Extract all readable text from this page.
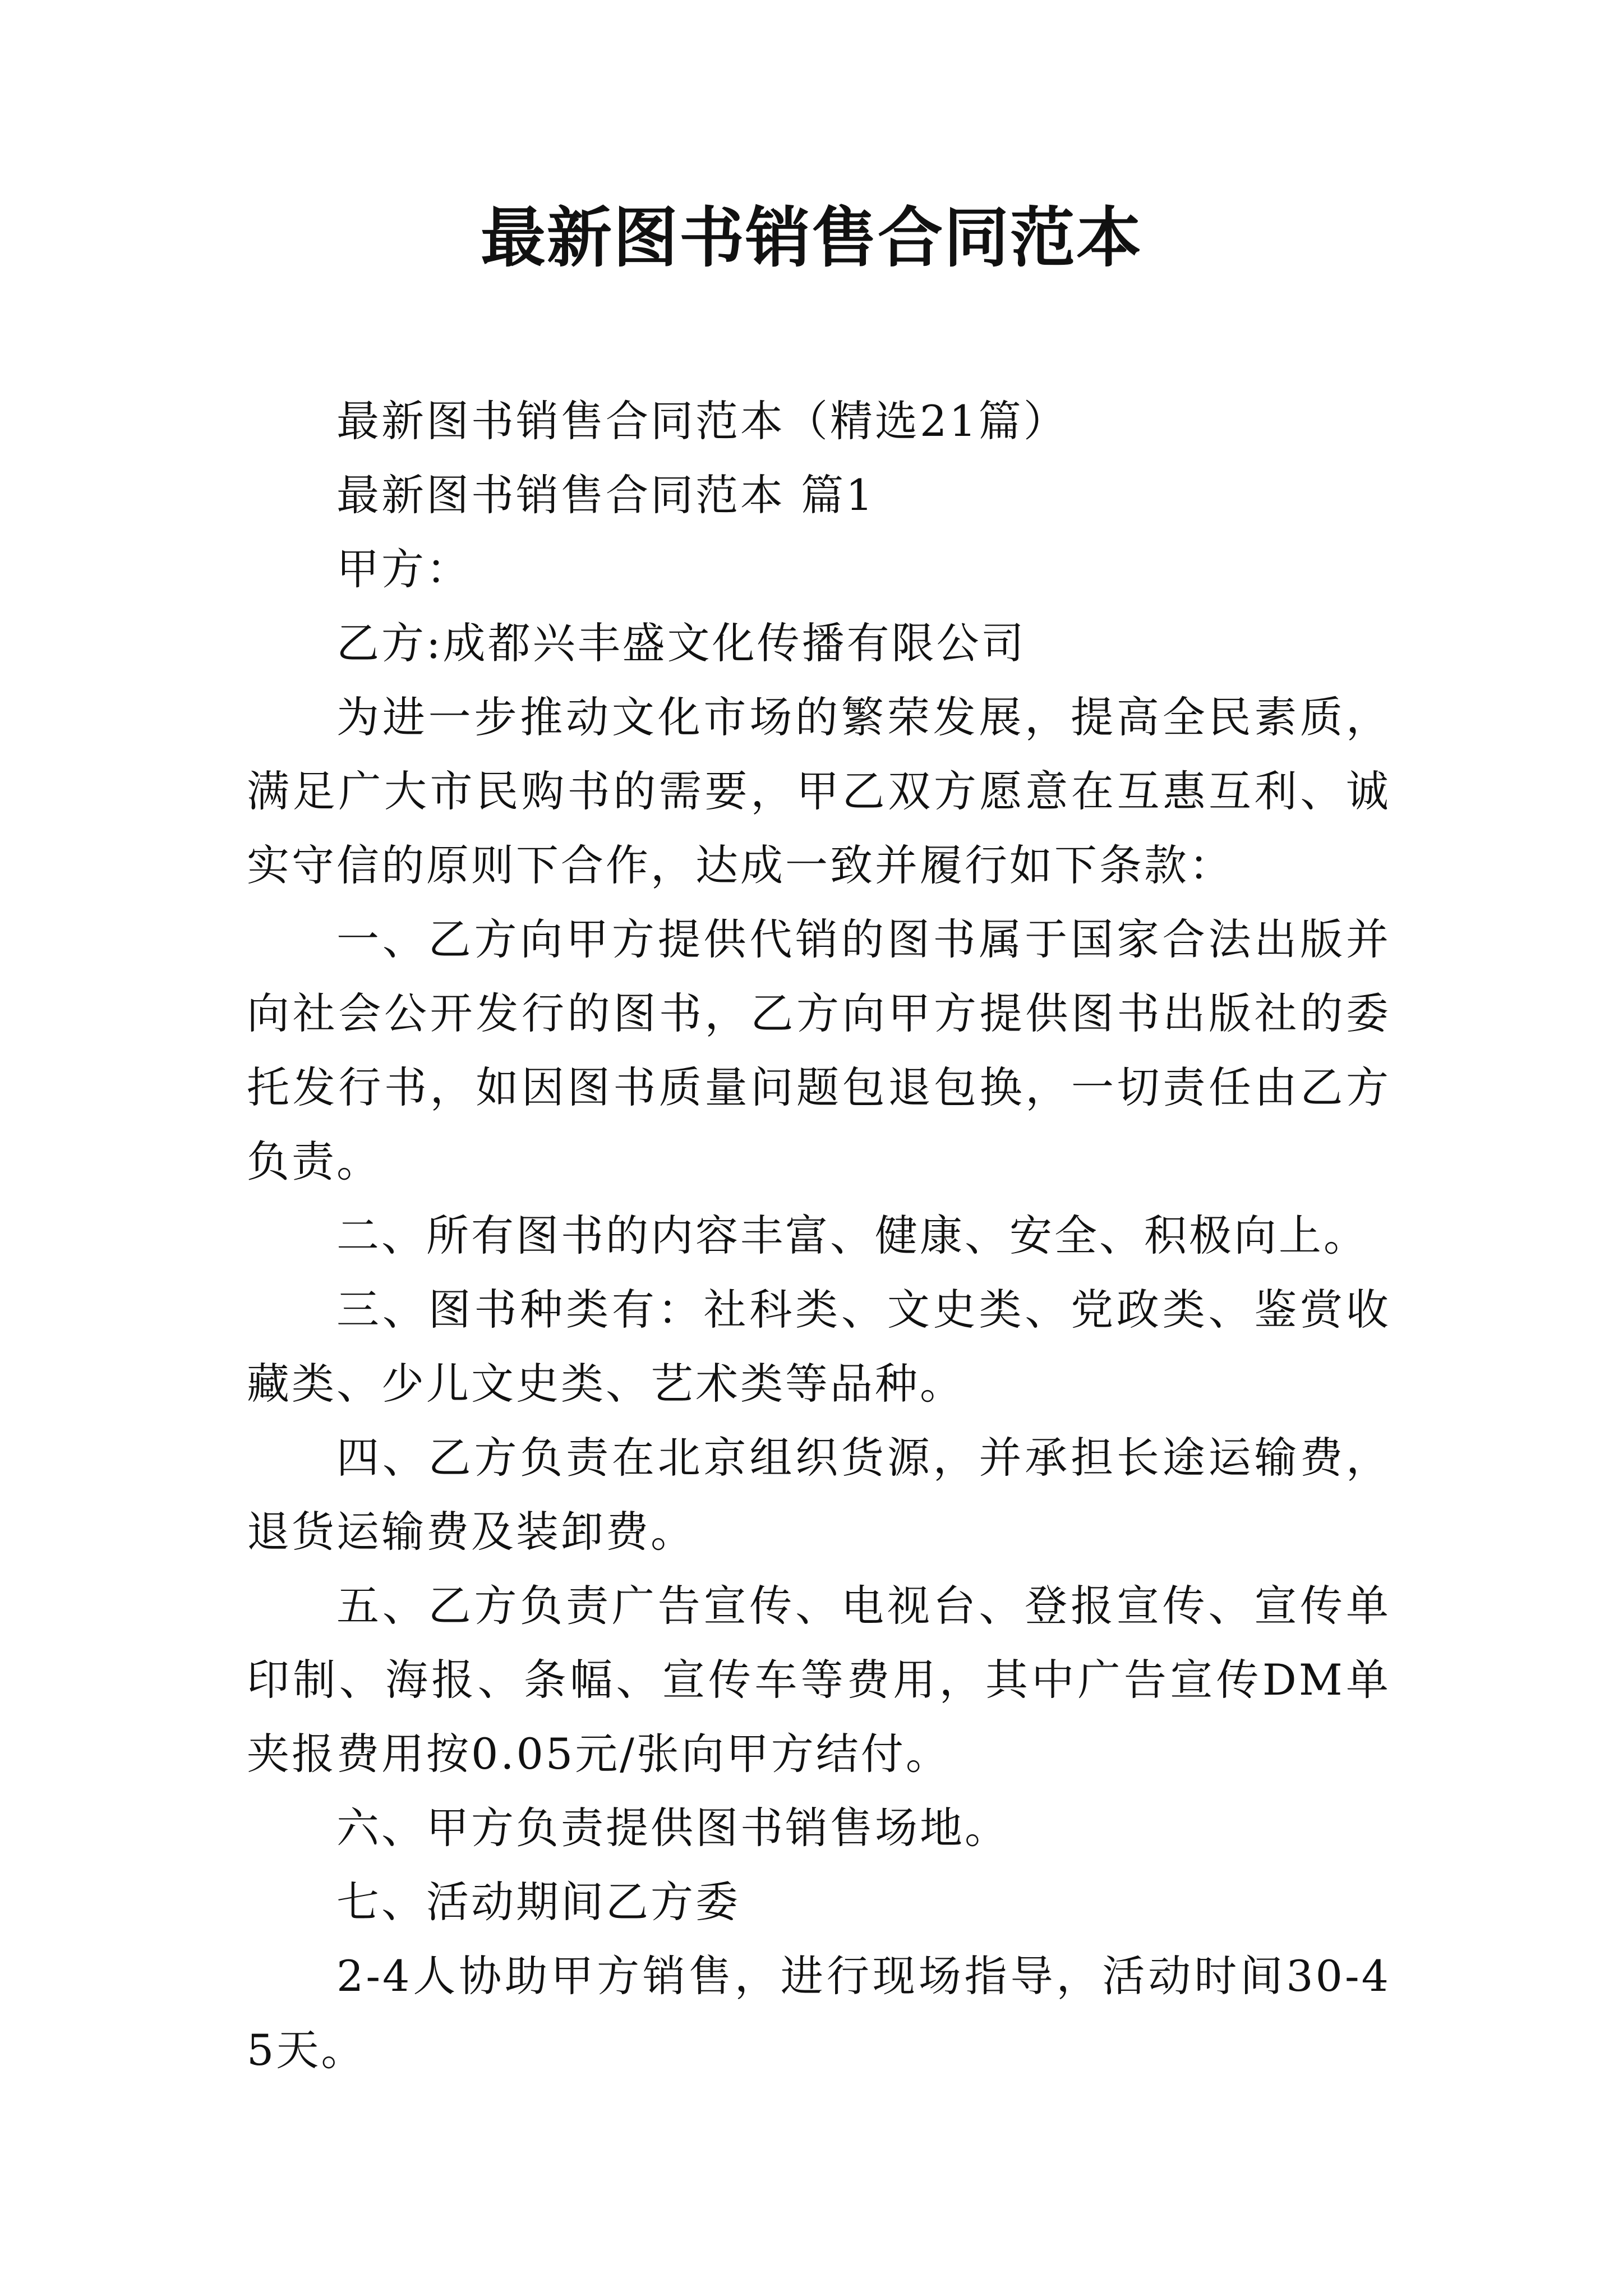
最新图书销售合同范本

最新图书销售合同范本（精选21篇）

最新图书销售合同范本 篇1

甲方：

乙方:成都兴丰盛文化传播有限公司

为进一步推动文化市场的繁荣发展，提高全民素质，满足广大市民购书的需要，甲乙双方愿意在互惠互利、诚实守信的原则下合作，达成一致并履行如下条款：

一、乙方向甲方提供代销的图书属于国家合法出版并向社会公开发行的图书，乙方向甲方提供图书出版社的委托发行书，如因图书质量问题包退包换，一切责任由乙方负责。

二、所有图书的内容丰富、健康、安全、积极向上。

三、图书种类有：社科类、文史类、党政类、鉴赏收藏类、少儿文史类、艺术类等品种。

四、乙方负责在北京组织货源，并承担长途运输费，退货运输费及装卸费。

五、乙方负责广告宣传、电视台、登报宣传、宣传单印制、海报、条幅、宣传车等费用，其中广告宣传DM单夹报费用按0.05元/张向甲方结付。

六、甲方负责提供图书销售场地。

七、活动期间乙方委

2-4人协助甲方销售，进行现场指导，活动时间30-45天。
